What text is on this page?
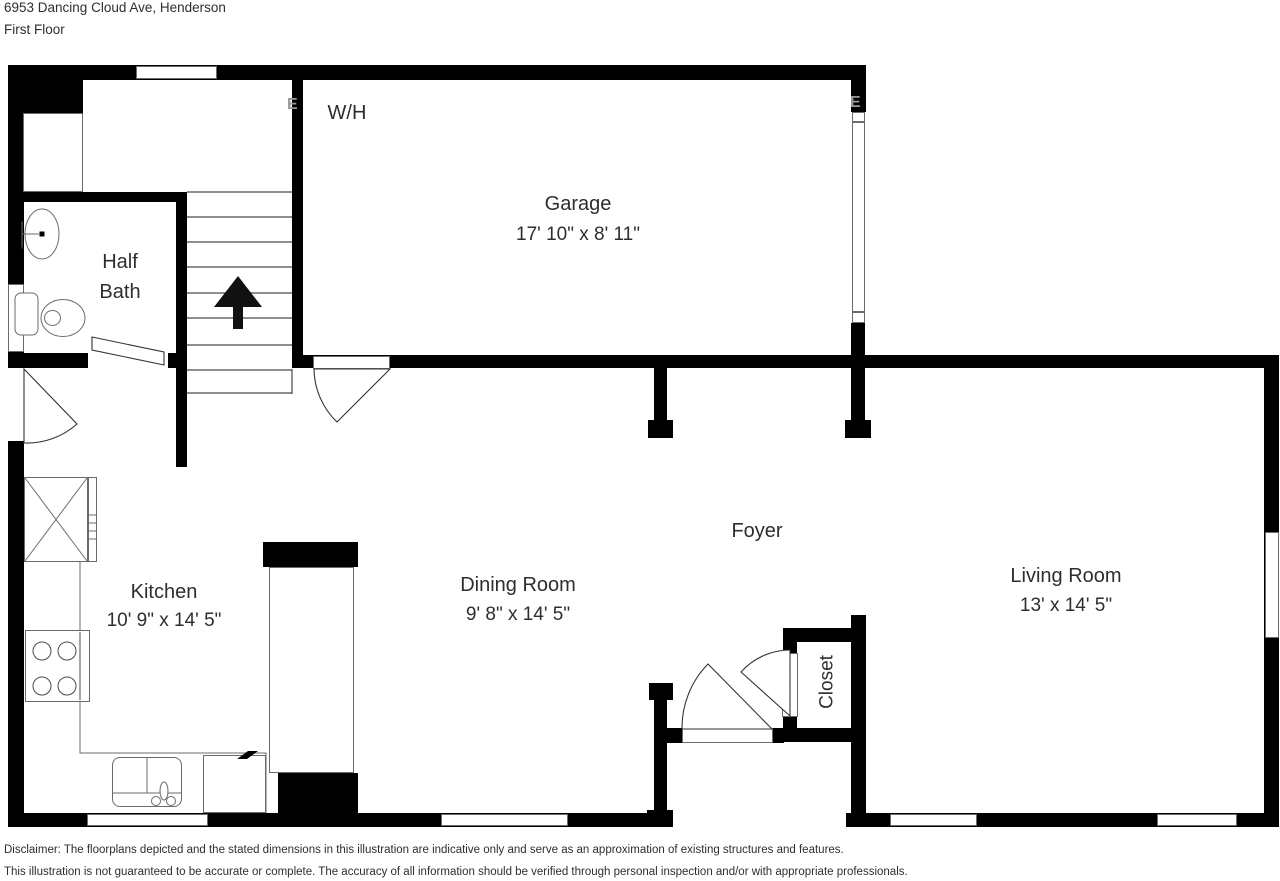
6953 Dancing Cloud Ave, Henderson
First Floor
Garage
17' 10" x 8' 11"
W/H
Half
Bath
Kitchen
10' 9" x 14' 5"
Dining Room
9' 8" x 14' 5"
Foyer
Living Room
13' x 14' 5"
Closet
E	E
Disclaimer: The floorplans depicted and the stated dimensions in this illustration are indicative only and serve as an approximation of existing structures and features.
This illustration is not guaranteed to be accurate or complete. The accuracy of all information should be verified through personal inspection and/or with appropriate professionals.
